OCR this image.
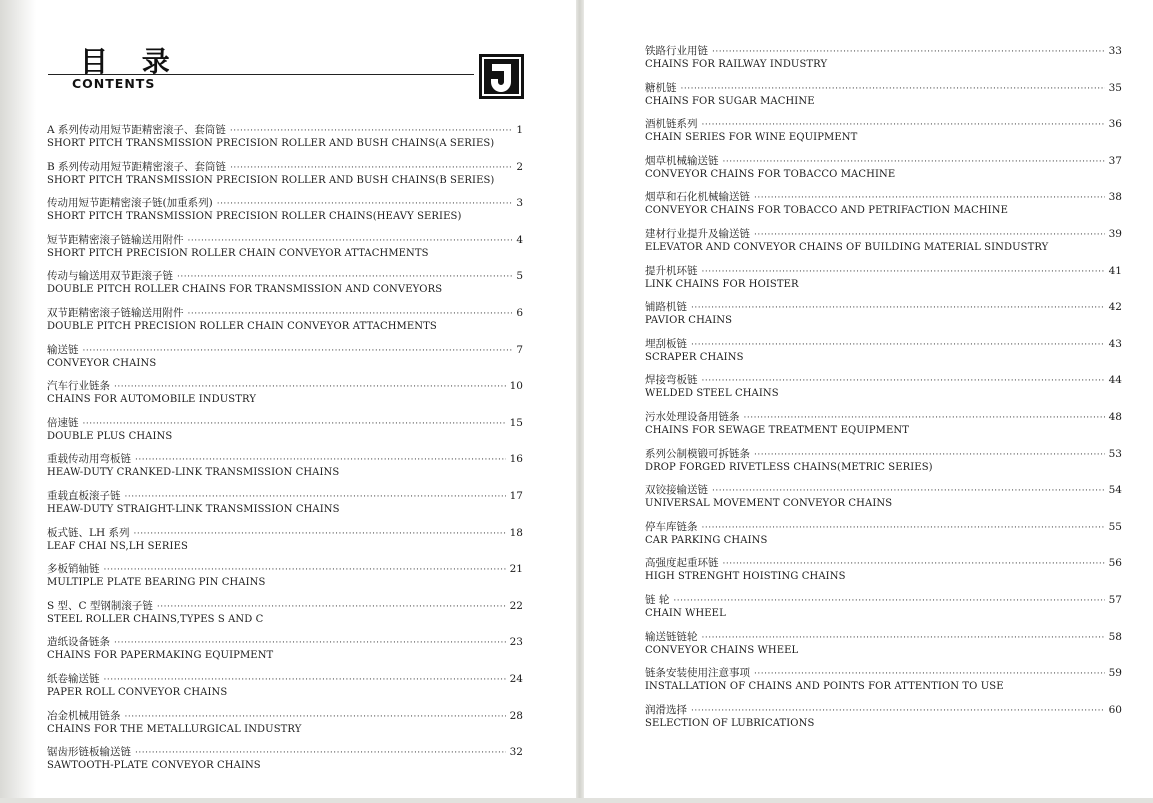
目 录
CONTENTS
A 系列传动用短节距精密滚子、套筒链 ·····	1
SHORT PITCH TRANSMISSION PRECISION ROLLER AND BUSH CHAINS(A SERIES)
B 系列传动用短节距精密滚子、套筒链 ·····	2
SHORT PITCH TRANSMISSION PRECISION ROLLER AND BUSH CHAINS(B SERIES)
传动用短节距精密滚子链(加重系列) ·····	3
SHORT PITCH TRANSMISSION PRECISION ROLLER CHAINS(HEAVY SERIES)
短节距精密滚子链输送用附件 ·····	4
SHORT PITCH PRECISION ROLLER CHAIN CONVEYOR ATTACHMENTS
传动与输送用双节距滚子链 ·····	5
DOUBLE PITCH ROLLER CHAINS FOR TRANSMISSION AND CONVEYORS
双节距精密滚子链输送用附件 ·····	6
DOUBLE PITCH PRECISION ROLLER CHAIN CONVEYOR ATTACHMENTS
输送链 ·····	7
CONVEYOR CHAINS
汽车行业链条 ·····	10
CHAINS FOR AUTOMOBILE INDUSTRY
倍速链 ·····	15
DOUBLE PLUS CHAINS
重载传动用弯板链 ·····	16
HEAW-DUTY CRANKED-LINK TRANSMISSION CHAINS
重载直板滚子链 ·····	17
HEAW-DUTY STRAIGHT-LINK TRANSMISSION CHAINS
板式链、LH 系列 ·····	18
LEAF CHAI NS,LH SERIES
多板销轴链 ·····	21
MULTIPLE PLATE BEARING PIN CHAINS
S 型、C 型钢制滚子链 ·····	22
STEEL ROLLER CHAINS,TYPES S AND C
造纸设备链条 ·····	23
CHAINS FOR PAPERMAKING EQUIPMENT
纸卷输送链 ·····	24
PAPER ROLL CONVEYOR CHAINS
冶金机械用链条 ·····	28
CHAINS FOR THE METALLURGICAL INDUSTRY
锯齿形链板输送链 ·····	32
SAWTOOTH-PLATE CONVEYOR CHAINS
铁路行业用链 ·····	33
CHAINS FOR RAILWAY INDUSTRY
糖机链 ·····	35
CHAINS FOR SUGAR MACHINE
酒机链系列 ·····	36
CHAIN SERIES FOR WINE EQUIPMENT
烟草机械输送链 ·····	37
CONVEYOR CHAINS FOR TOBACCO MACHINE
烟草和石化机械输送链 ·····	38
CONVEYOR CHAINS FOR TOBACCO AND PETRIFACTION MACHINE
建材行业提升及输送链 ·····	39
ELEVATOR AND CONVEYOR CHAINS OF BUILDING MATERIAL SINDUSTRY
提升机环链 ·····	41
LINK CHAINS FOR HOISTER
铺路机链 ·····	42
PAVIOR CHAINS
埋刮板链 ·····	43
SCRAPER CHAINS
焊接弯板链 ·····	44
WELDED STEEL CHAINS
污水处理设备用链条 ·····	48
CHAINS FOR SEWAGE TREATMENT EQUIPMENT
系列公制模锻可拆链条 ·····	53
DROP FORGED RIVETLESS CHAINS(METRIC SERIES)
双铰接输送链 ·····	54
UNIVERSAL MOVEMENT CONVEYOR CHAINS
停车库链条 ·····	55
CAR PARKING CHAINS
高强度起重环链 ·····	56
HIGH STRENGHT HOISTING CHAINS
链 轮 ·····	57
CHAIN WHEEL
输送链链轮 ·····	58
CONVEYOR CHAINS WHEEL
链条安装使用注意事项 ·····	59
INSTALLATION OF CHAINS AND POINTS FOR ATTENTION TO USE
润滑选择 ·····	60
SELECTION OF LUBRICATIONS
